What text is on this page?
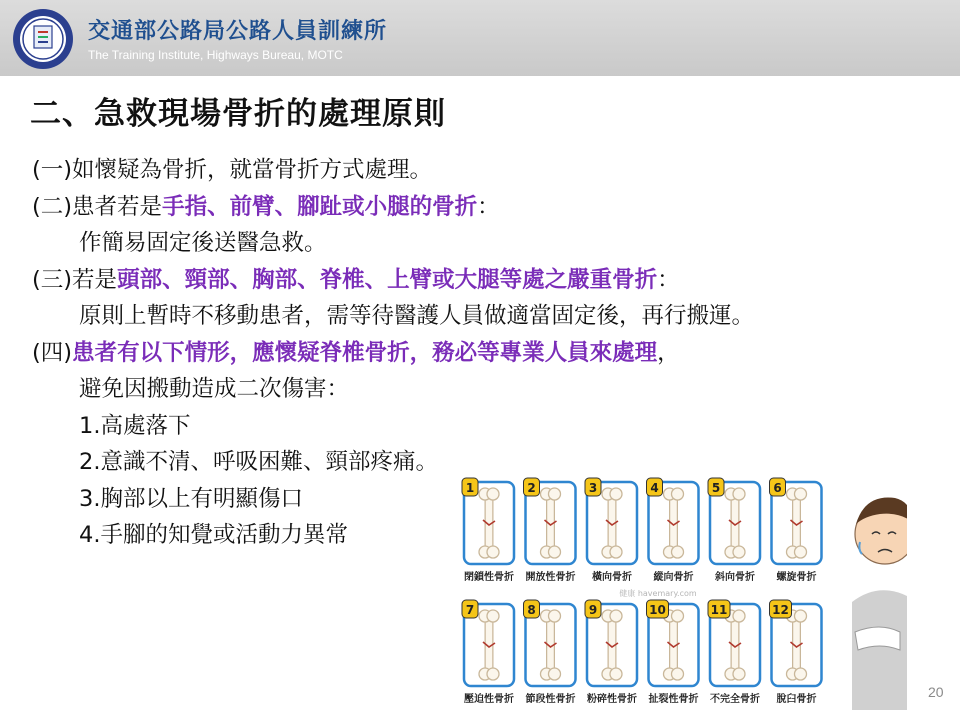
交通部公路局公路人員訓練所
The Training Institute, Highways Bureau, MOTC
二、急救現場骨折的處理原則
(一)如懷疑為骨折，就當骨折方式處理。
(二)患者若是手指、前臂、腳趾或小腿的骨折：
作簡易固定後送醫急救。
(三)若是頭部、頸部、胸部、脊椎、上臂或大腿等處之嚴重骨折：
原則上暫時不移動患者，需等待醫護人員做適當固定後，再行搬運。
(四)患者有以下情形，應懷疑脊椎骨折，務必等專業人員來處理，
避免因搬動造成二次傷害：
1.高處落下
2.意識不清、呼吸困難、頸部疼痛。
3.胸部以上有明顯傷口
4.手腳的知覺或活動力異常
1
閉鎖性骨折
2
開放性骨折
3
橫向骨折
4
縱向骨折
5
斜向骨折
6
螺旋骨折
7
壓迫性骨折
8
節段性骨折
9
粉碎性骨折
10
扯裂性骨折
11
不完全骨折
12
脫臼骨折
健康 havemary.com
20
